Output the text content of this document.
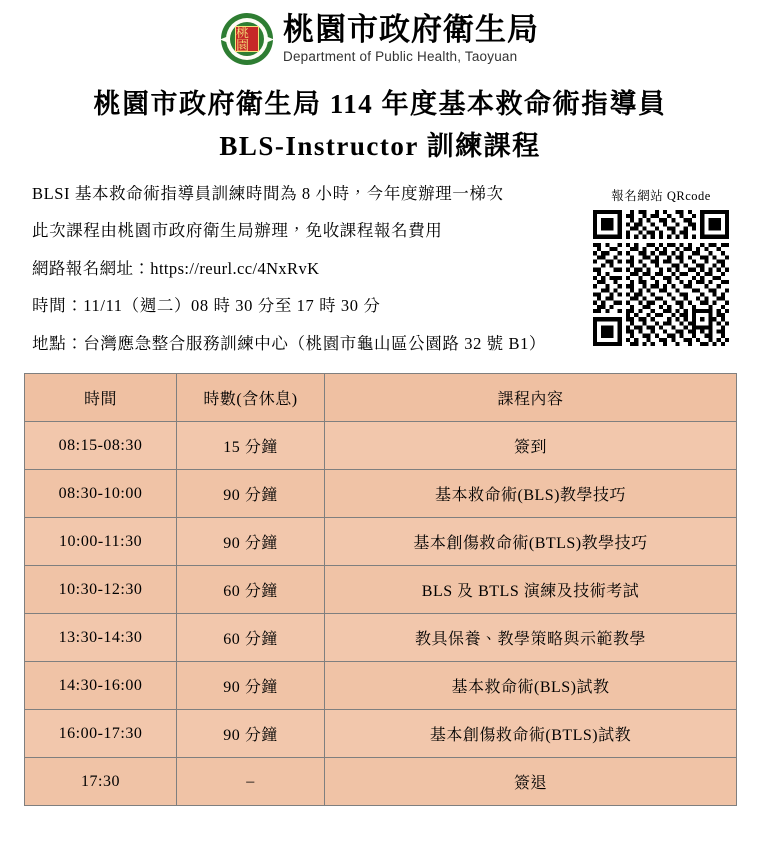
桃園	桃園市政府衛生局
Department of Public Health, Taoyuan
桃園市政府衛生局 114 年度基本救命術指導員
BLS-Instructor 訓練課程
BLSI 基本救命術指導員訓練時間為 8 小時，今年度辦理一梯次
此次課程由桃園市政府衛生局辦理，免收課程報名費用
網路報名網址：https://reurl.cc/4NxRvK
時間：11/11（週二）08 時 30 分至 17 時 30 分
地點：台灣應急整合服務訓練中心（桃園市龜山區公園路 32 號 B1）
報名網站 QRcode
時間	時數(含休息)	課程內容
08:15-08:30	15 分鐘	簽到
08:30-10:00	90 分鐘	基本救命術(BLS)教學技巧
10:00-11:30	90 分鐘	基本創傷救命術(BTLS)教學技巧
10:30-12:30	60 分鐘	BLS 及 BTLS 演練及技術考試
13:30-14:30	60 分鐘	教具保養、教學策略與示範教學
14:30-16:00	90 分鐘	基本救命術(BLS)試教
16:00-17:30	90 分鐘	基本創傷救命術(BTLS)試教
17:30	–	簽退
